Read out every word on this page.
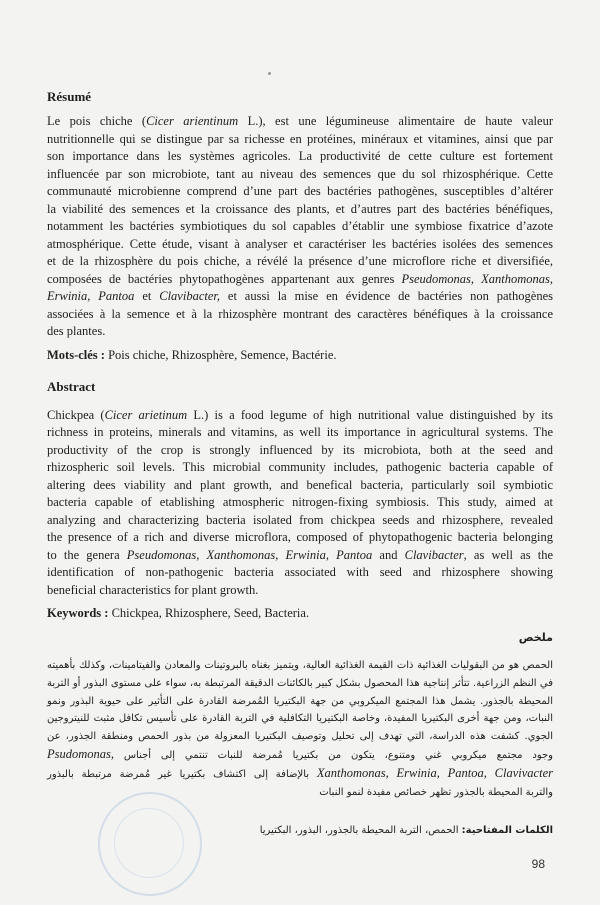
Résumé
Le pois chiche (Cicer arientinum L.), est une légumineuse alimentaire de haute valeur
nutritionnelle qui se distingue par sa richesse en protéines, minéraux et vitamines, ainsi que par
son importance dans les systèmes agricoles. La productivité de cette culture est fortement
influencée par son microbiote, tant au niveau des semences que du sol rhizosphérique. Cette
communauté microbienne comprend d’une part des bactéries pathogènes, susceptibles d’altérer
la viabilité des semences et la croissance des plants, et d’autres part des bactéries bénéfiques,
notamment les bactéries symbiotiques du sol capables d’établir une symbiose fixatrice d’azote
atmosphérique. Cette étude, visant à analyser et caractériser les bactéries isolées des semences
et de la rhizosphère du pois chiche, a révélé la présence d’une microflore riche et diversifiée,
composées de bactéries phytopathogènes appartenant aux genres Pseudomonas, Xanthomonas,
Erwinia, Pantoa et Clavibacter, et aussi la mise en évidence de bactéries non pathogènes
associées à la semence et à la rhizosphère montrant des caractères bénéfiques à la croissance
des plantes.
Mots-clés : Pois chiche, Rhizosphère, Semence, Bactérie.
Abstract
Chickpea (Cicer arietinum L.) is a food legume of high nutritional value distinguished by its
richness in proteins, minerals and vitamins, as well its importance in agricultural systems. The
productivity of the crop is strongly influenced by its microbiota, both at the seed and
rhizospheric soil levels. This microbial community includes, pathogenic bacteria capable of
altering dees viability and plant growth, and benefical bacteria, particularly soil symbiotic
bacteria capable of etablishing atmospheric nitrogen-fixing symbiosis. This study, aimed at
analyzing and characterizing bacteria isolated from chickpea seeds and rhizosphere, revealed
the presence of a rich and diverse microflora, composed of phytopathogenic bacteria belonging
to the genera Pseudomonas, Xanthomonas, Erwinia, Pantoa and Clavibacter, as well as the
identification of non-pathogenic bacteria associated with seed and rhizosphere showing
beneficial characteristics for plant growth.
Keywords : Chickpea, Rhizosphere, Seed, Bacteria.
ملخص
الحمص هو من البقوليات الغذائية ذات القيمة الغذائية العالية، ويتميز بغناه بالبروتينات والمعادن والفيتامينات، وكذلك بأهميته
في النظم الزراعية. تتأثر إنتاجية هذا المحصول بشكل كبير بالكائنات الدقيقة المرتبطة به، سواء على مستوى البذور أو التربة
المحيطة بالجذور. يشمل هذا المجتمع الميكروبي من جهة البكتيريا المُمرضة القادرة على التأثير على حيوية البذور ونمو
النبات، ومن جهة أخرى البكتيريا المفيدة، وخاصة البكتيريا التكافلية في التربة القادرة على تأسيس تكافل مثبت للنيتروجين
الجوي. كشفت هذه الدراسة، التي تهدف إلى تحليل وتوصيف البكتيريا المعزولة من بذور الحمص ومنطقة الجذور، عن
وجود مجتمع ميكروبي غني ومتنوع، يتكون من بكتيريا مُمرضة للنبات تنتمي إلى أجناس Psudomonas,
Xanthomonas, Erwinia, Pantoa, Clavivacter بالإضافة إلى اكتشاف بكتيريا غير مُمرضة مرتبطة بالبذور
والتربة المحيطة بالجذور تظهر خصائص مفيدة لنمو النبات
الكلمات المفتاحية: الحمص، التربة المحيطة بالجذور، البذور، البكتيريا
98
